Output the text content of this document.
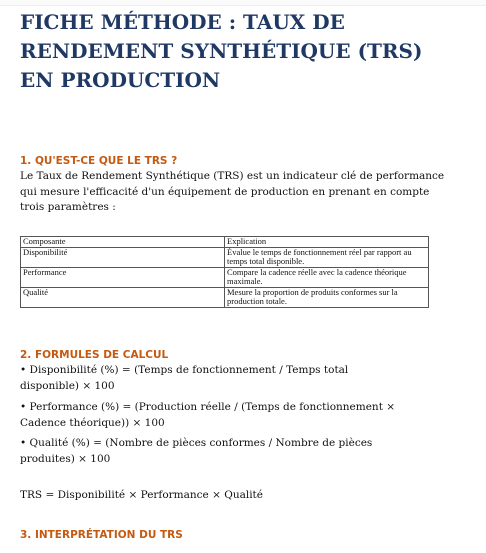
FICHE MÉTHODE : TAUX DE RENDEMENT SYNTHÉTIQUE (TRS) EN PRODUCTION
1. QU'EST-CE QUE LE TRS ?

Le Taux de Rendement Synthétique (TRS) est un indicateur clé de performance qui mesure l'efficacité d'un équipement de production en prenant en compte trois paramètres :

Composante	Explication
Disponibilité	Évalue le temps de fonctionnement réel par rapport au temps total disponible.
Performance	Compare la cadence réelle avec la cadence théorique maximale.
Qualité	Mesure la proportion de produits conformes sur la production totale.
2. FORMULES DE CALCUL

• Disponibilité (%) = (Temps de fonctionnement / Temps total

disponible) × 100

• Performance (%) = (Production réelle / (Temps de fonctionnement ×

Cadence théorique)) × 100

• Qualité (%) = (Nombre de pièces conformes / Nombre de pièces

produites) × 100

TRS = Disponibilité × Performance × Qualité

3. INTERPRÉTATION DU TRS
